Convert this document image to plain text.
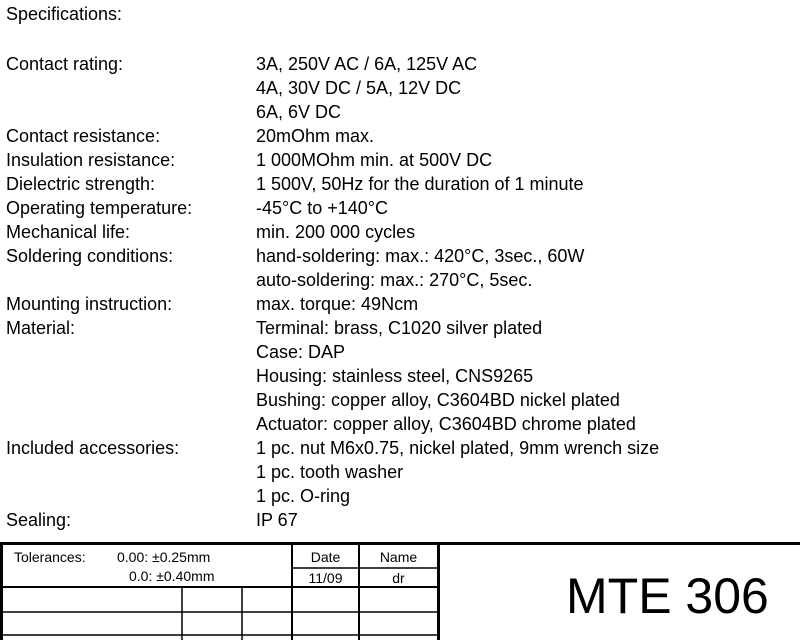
Specifications:
Contact rating:	3A, 250V AC / 6A, 125V AC
4A, 30V DC / 5A, 12V DC
6A, 6V DC
Contact resistance:	20mOhm max.
Insulation resistance:	1 000MOhm min. at 500V DC
Dielectric strength:	1 500V, 50Hz for the duration of 1 minute
Operating temperature:	-45°C to +140°C
Mechanical life:	min. 200 000 cycles
Soldering conditions:	hand-soldering: max.: 420°C, 3sec., 60W
auto-soldering: max.: 270°C, 5sec.
Mounting instruction:	max. torque: 49Ncm
Material:	Terminal: brass, C1020 silver plated
Case: DAP
Housing: stainless steel, CNS9265
Bushing: copper alloy, C3604BD nickel plated
Actuator: copper alloy, C3604BD chrome plated
Included accessories:	1 pc. nut M6x0.75, nickel plated, 9mm wrench size
1 pc. tooth washer
1 pc. O-ring
Sealing:	IP 67
Tolerances: 0.00: ±0.25mm
0.0: ±0.40mm
Date	Name
11/09	dr	MTE 306
